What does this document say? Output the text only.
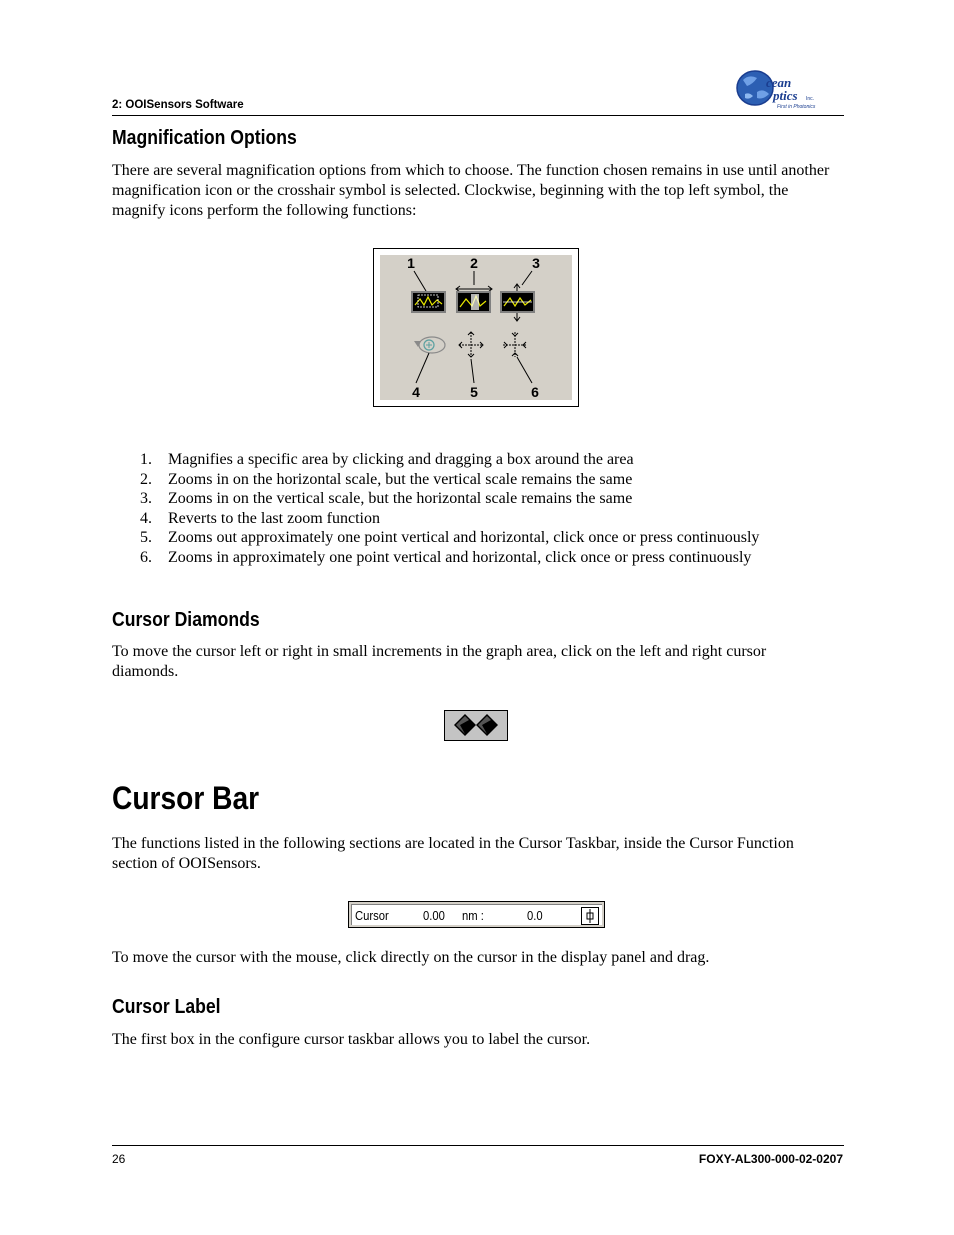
2: OOISensors Software
cean
ptics Inc.
First in Photonics
Magnification Options

There are several magnification options from which to choose. The function chosen remains in use until another magnification icon or the crosshair symbol is selected. Clockwise, beginning with the top left symbol, the magnify icons perform the following functions:

1	2	3
4	5	6
1. Magnifies a specific area by clicking and dragging a box around the area
2. Zooms in on the horizontal scale, but the vertical scale remains the same
3. Zooms in on the vertical scale, but the horizontal scale remains the same
4. Reverts to the last zoom function
5. Zooms out approximately one point vertical and horizontal, click once or press continuously
6. Zooms in approximately one point vertical and horizontal, click once or press continuously
Cursor Diamonds

To move the cursor left or right in small increments in the graph area, click on the left and right cursor diamonds.

Cursor Bar

The functions listed in the following sections are located in the Cursor Taskbar, inside the Cursor Function section of OOISensors.

Cursor	0.00 nm :	0.0

To move the cursor with the mouse, click directly on the cursor in the display panel and drag.

Cursor Label

The first box in the configure cursor taskbar allows you to label the cursor.

26	FOXY-AL300-000-02-0207
